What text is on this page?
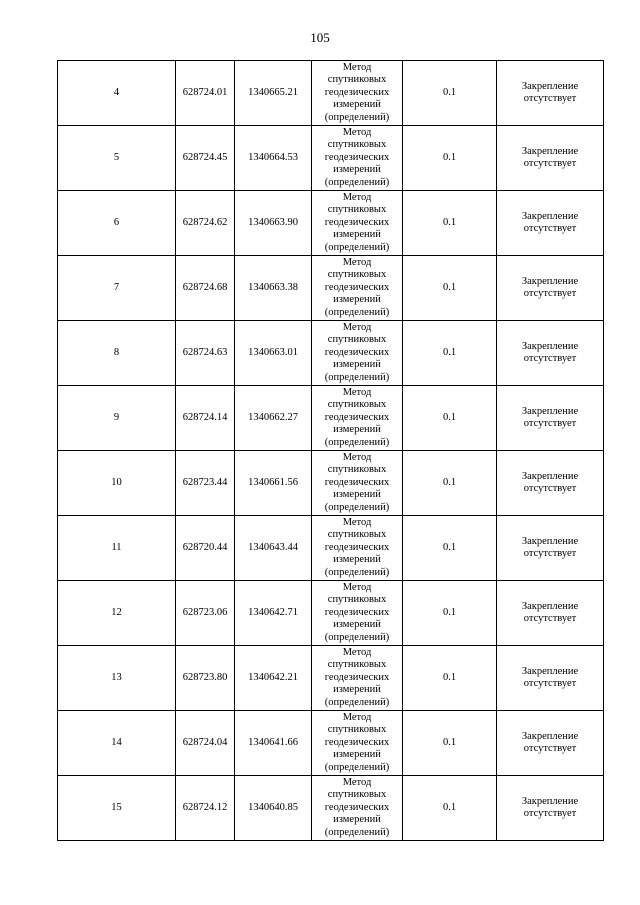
105
4	628724.01	1340665.21	Метод спутниковых геодезических измерений (определений)	0.1	Закрепление отсутствует

5	628724.45	1340664.53	Метод спутниковых геодезических измерений (определений)	0.1	Закрепление отсутствует

6	628724.62	1340663.90	Метод спутниковых геодезических измерений (определений)	0.1	Закрепление отсутствует

7	628724.68	1340663.38	Метод спутниковых геодезических измерений (определений)	0.1	Закрепление отсутствует

8	628724.63	1340663.01	Метод спутниковых геодезических измерений (определений)	0.1	Закрепление отсутствует

9	628724.14	1340662.27	Метод спутниковых геодезических измерений (определений)	0.1	Закрепление отсутствует

10	628723.44	1340661.56	Метод спутниковых геодезических измерений (определений)	0.1	Закрепление отсутствует

11	628720.44	1340643.44	Метод спутниковых геодезических измерений (определений)	0.1	Закрепление отсутствует

12	628723.06	1340642.71	Метод спутниковых геодезических измерений (определений)	0.1	Закрепление отсутствует

13	628723.80	1340642.21	Метод спутниковых геодезических измерений (определений)	0.1	Закрепление отсутствует

14	628724.04	1340641.66	Метод спутниковых геодезических измерений (определений)	0.1	Закрепление отсутствует

15	628724.12	1340640.85	Метод спутниковых геодезических измерений (определений)	0.1	Закрепление отсутствует
